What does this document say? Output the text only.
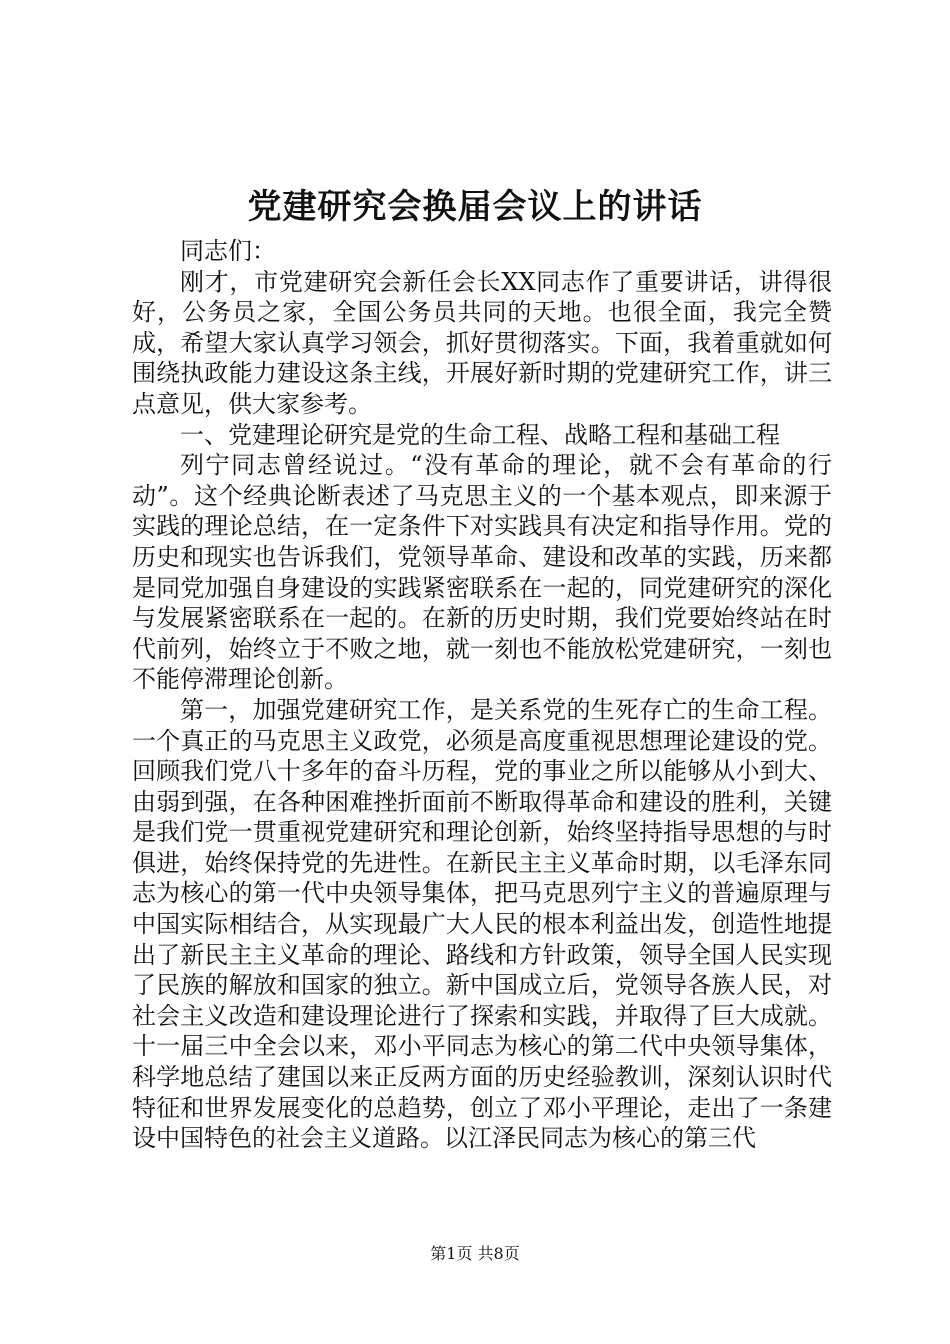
党建研究会换届会议上的讲话

同志们：

刚才，市党建研究会新任会长XX同志作了重要讲话，讲得很好，公务员之家，全国公务员共同的天地。也很全面，我完全赞成，希望大家认真学习领会，抓好贯彻落实。下面，我着重就如何围绕执政能力建设这条主线，开展好新时期的党建研究工作，讲三点意见，供大家参考。

一、党建理论研究是党的生命工程、战略工程和基础工程

列宁同志曾经说过。“没有革命的理论，就不会有革命的行动”。这个经典论断表述了马克思主义的一个基本观点，即来源于实践的理论总结，在一定条件下对实践具有决定和指导作用。党的历史和现实也告诉我们，党领导革命、建设和改革的实践，历来都是同党加强自身建设的实践紧密联系在一起的，同党建研究的深化与发展紧密联系在一起的。在新的历史时期，我们党要始终站在时代前列，始终立于不败之地，就一刻也不能放松党建研究，一刻也不能停滞理论创新。

第一，加强党建研究工作，是关系党的生死存亡的生命工程。一个真正的马克思主义政党，必须是高度重视思想理论建设的党。回顾我们党八十多年的奋斗历程，党的事业之所以能够从小到大、由弱到强，在各种困难挫折面前不断取得革命和建设的胜利，关键是我们党一贯重视党建研究和理论创新，始终坚持指导思想的与时俱进，始终保持党的先进性。在新民主主义革命时期，以毛泽东同志为核心的第一代中央领导集体，把马克思列宁主义的普遍原理与中国实际相结合，从实现最广大人民的根本利益出发，创造性地提出了新民主主义革命的理论、路线和方针政策，领导全国人民实现了民族的解放和国家的独立。新中国成立后，党领导各族人民，对社会主义改造和建设理论进行了探索和实践，并取得了巨大成就。十一届三中全会以来，邓小平同志为核心的第二代中央领导集体，科学地总结了建国以来正反两方面的历史经验教训，深刻认识时代特征和世界发展变化的总趋势，创立了邓小平理论，走出了一条建设中国特色的社会主义道路。以江泽民同志为核心的第三代

第1页 共8页
